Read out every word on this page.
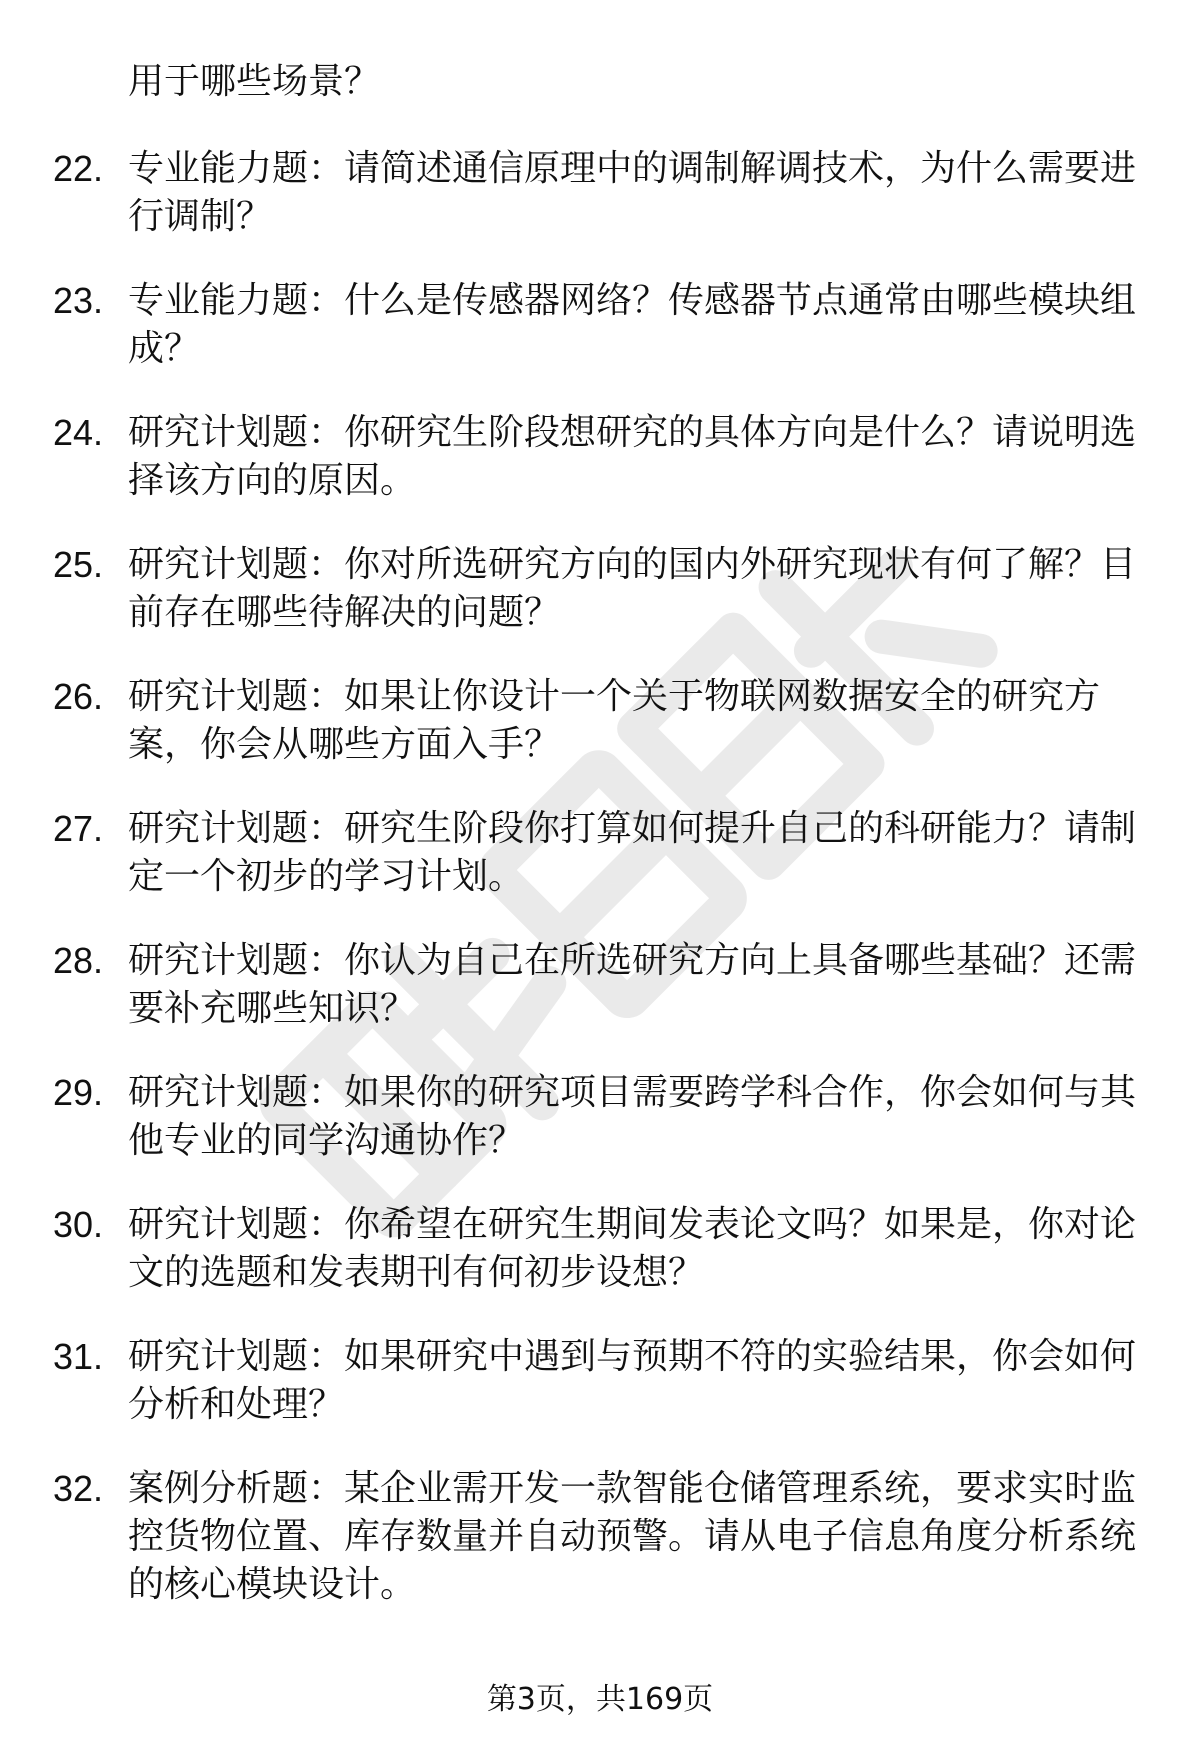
用于哪些场景？
22. 专业能力题：请简述通信原理中的调制解调技术，为什么需要进行调制？
23. 专业能力题：什么是传感器网络？传感器节点通常由哪些模块组成？
24. 研究计划题：你研究生阶段想研究的具体方向是什么？请说明选择该方向的原因。
25. 研究计划题：你对所选研究方向的国内外研究现状有何了解？目前存在哪些待解决的问题？
26. 研究计划题：如果让你设计一个关于物联网数据安全的研究方案，你会从哪些方面入手？
27. 研究计划题：研究生阶段你打算如何提升自己的科研能力？请制定一个初步的学习计划。
28. 研究计划题：你认为自己在所选研究方向上具备哪些基础？还需要补充哪些知识？
29. 研究计划题：如果你的研究项目需要跨学科合作，你会如何与其他专业的同学沟通协作？
30. 研究计划题：你希望在研究生期间发表论文吗？如果是，你对论文的选题和发表期刊有何初步设想？
31. 研究计划题：如果研究中遇到与预期不符的实验结果，你会如何分析和处理？
32. 案例分析题：某企业需开发一款智能仓储管理系统，要求实时监控货物位置、库存数量并自动预警。请从电子信息角度分析系统的核心模块设计。
第3页，共169页
